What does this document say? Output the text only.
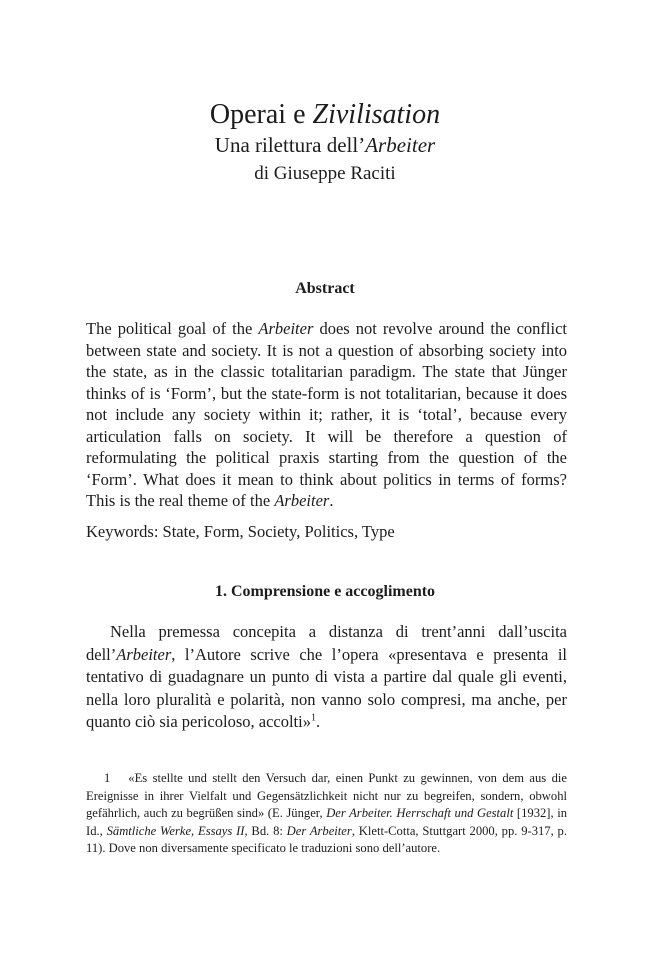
Operai e Zivilisation
Una rilettura dell’Arbeiter
di Giuseppe Raciti
Abstract

The political goal of the Arbeiter does not revolve around the conflict between state and society. It is not a question of absorbing society into the state, as in the classic totalitarian paradigm. The state that Jünger thinks of is ‘Form’, but the state-form is not totalitarian, because it does not include any society within it; rather, it is ‘total’, because every articulation falls on society. It will be therefore a question of reformulating the political praxis starting from the question of the ‘Form’. What does it mean to think about politics in terms of forms? This is the real theme of the Arbeiter.

Keywords: State, Form, Society, Politics, Type

1. Comprensione e accoglimento

Nella premessa concepita a distanza di trent’anni dall’uscita dell’Arbeiter, l’Autore scrive che l’opera «presentava e presenta il tentativo di guadagnare un punto di vista a partire dal quale gli eventi, nella loro pluralità e polarità, non vanno solo compresi, ma anche, per quanto ciò sia pericoloso, accolti»$^1$.

1 «Es stellte und stellt den Versuch dar, einen Punkt zu gewinnen, von dem aus die Ereignisse in ihrer Vielfalt und Gegensätzlichkeit nicht nur zu begreifen, sondern, obwohl gefährlich, auch zu begrüßen sind» (E. Jünger, Der Arbeiter. Herrschaft und Gestalt [1932], in Id., Sämtliche Werke, Essays II, Bd. 8: Der Arbeiter, Klett-Cotta, Stuttgart 2000, pp. 9-317, p. 11). Dove non diversamente specificato le traduzioni sono dell’autore.
